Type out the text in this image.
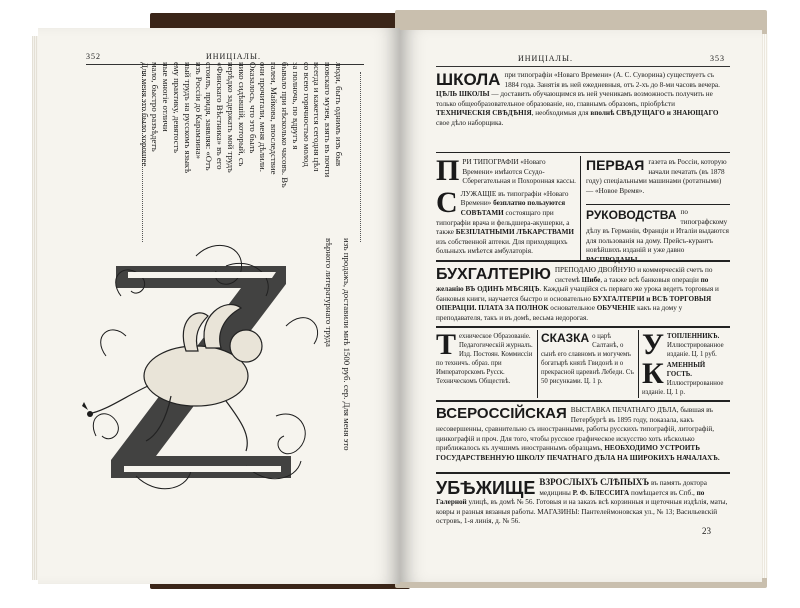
352	ИНИЦIАЛЫ.
люди, быть однимъ изъ быв
повскаго музея, взять въ почти
всегда и кажется сегодня цѣл
со всею горячностью молод
за полночь, по вдругъ я
бывало при нѣсколько часовъ. Въ
галеи, Майкова, впоследствие
они прочитали, меня дѣлили.
Оказалось, что это былъ
нико сидѣвшій, который, съ
нерѣдко задержать мой трудъ
«Финскаго Вѣстника» въ его
стоилъ, придя, заявляя: «Отъ
изъ Россіи до Карамзина»
ный трудъ на русскомъ языкѣ
ему практику, девятостъ
ные многіе отличи
мало, быстро разъѣдетъ
Для меня это было хорошее
изъ продажъ, доставили мнѣ 1500 руб. сер. Для меня это
вѣрного литературнаго труда
ИНИЦIАЛЫ.	353
ШКОЛА при типографіи «Новаго Времени» (А. С. Суворина) существуетъ съ 1884 года. Занятія въ ней ежедневныя, отъ 2-хъ до 8-ми часовъ вечера. ЦѢЛЬ ШКОЛЫ — доставить обучающимся въ ней ученикамъ возможность получить не только общеобразовательное образованіе, но, главнымъ образомъ, пріобрѣсти ТЕХНИЧЕСКІЯ СВѢДѢНІЯ, необходимыя для вполнѣ СВѢДУЩАГО и ЗНАЮЩАГО свое дѣло наборщика.
П РИ ТИПОГРАФІИ «Новаго Времени» имѣются Ссудо-Сберегательная и Похоронная кассы.
С ЛУЖАЩІЕ въ типографіи «Новаго Времени» безплатно пользуются СОВѢТАМИ состоящаго при типографіи врача и фельдшера-акушерки, а также БЕЗПЛАТНЫМИ ЛѢКАРСТВАМИ изъ собственной аптеки. Для приходящихъ больныхъ имѣется амбулаторія.
ПЕРВАЯ газета въ Россіи, которую начали печатать (въ 1878 году) спеціальными машинами (ротатными) — «Новое Время».
РУКОВОДСТВА по типографскому дѣлу въ Германіи, Франціи и Италіи выдаются для пользованія на дому. Прейсъ-курантъ новѣйшихъ изданій и уже давно РАСПРОДАНЫ.
БУХГАЛТЕРІЮ ПРЕПОДАЮ ДВОЙНУЮ и коммерческій счетъ по системѣ Шибе, а также всѣ банковыя операціи по желанію ВЪ ОДИНЪ МѢСЯЦЪ. Каждый учащійся съ перваго же урока ведетъ торговыя и банковыя книги, научается быстро и основательно БУХГАЛТЕРІИ и ВСѢ ТОРГОВЫЯ ОПЕРАЦІИ. ПЛАТА ЗА ПОЛНОК основательное ОБУЧЕНІЕ какъ на дому у преподавателя, такъ и въ домѣ, весьма недорогая.
Т ехническое Образованіе. Педагогическій журналъ. Изд. Постоян. Коммиссіи по техничъ. образ. при Императорскомъ Русск. Техническомъ Обществѣ.
СКАЗКА о царѣ Салтанѣ, о сынѣ его славномъ и могучемъ богатырѣ князѣ Гвидонѣ и о прекрасной царевнѣ Лебеди. Съ 50 рисунками. Ц. 1 р.
У ТОПЛЕННИКЪ. Иллюстрированное изданіе. Ц. 1 руб.
К АМЕННЫЙ ГОСТЬ. Иллюстрированное изданіе. Ц. 1 р.
ВСЕРОССІЙСКАЯ ВЫСТАВКА ПЕЧАТНАГО ДѢЛА, бывшая въ Петербургѣ въ 1895 году, показала, какъ несовершенны, сравнительно съ иностранными, работы русскихъ типографій, литографій, цинкографій и проч. Для того, чтобы русское графическое искусство хоть нѣсколько приближалось къ лучшимъ иностраннымъ образцамъ, НЕОБХОДИМО УСТРОИТЬ ГОСУДАРСТВЕННУЮ ШКОЛУ ПЕЧАТНАГО ДѢЛА НА ШИРОКИХЪ НАЧАЛАХЪ.
УБѢЖИЩЕ ВЗРОСЛЫХЪ СЛѢПЫХЪ въ память доктора медицины Р. Ф. БЛЕССИГА помѣщается въ Спб., по Галерной улицѣ, въ домѣ № 56. Готовыя и на заказъ всѣ корзинныя и щеточныя издѣлія, маты, ковры и разныя вязаныя работы. МАГАЗИНЫ: Пантелеймоновская ул., № 13; Васильевскій островъ, 1-я линія, д. № 56.
23
